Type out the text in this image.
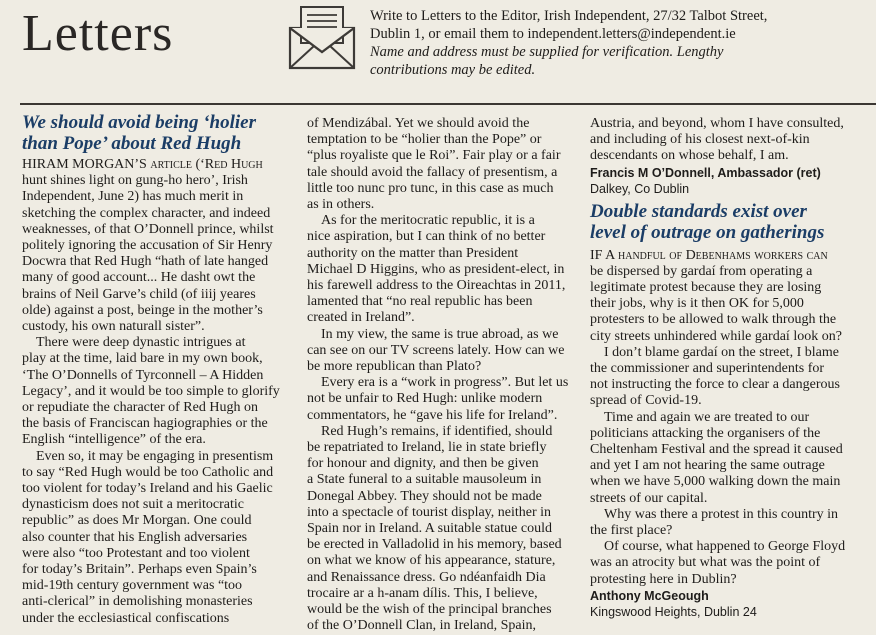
Letters	Write to Letters to the Editor, Irish Independent, 27/32 Talbot Street,
Dublin 1, or email them to independent.letters@independent.ie
Name and address must be supplied for verification. Lengthy
contributions may be edited.
We should avoid being ‘holier
than Pope’ about Red Hugh
HIRAM MORGAN’S article (‘Red Hugh
hunt shines light on gung-ho hero’, Irish
Independent, June 2) has much merit in
sketching the complex character, and indeed
weaknesses, of that O’Donnell prince, whilst
politely ignoring the accusation of Sir Henry
Docwra that Red Hugh “hath of late hanged
many of good account... He dasht owt the
brains of Neil Garve’s child (of iiij yeares
olde) against a post, beinge in the mother’s
custody, his own naturall sister”.
There were deep dynastic intrigues at
play at the time, laid bare in my own book,
‘The O’Donnells of Tyrconnell – A Hidden
Legacy’, and it would be too simple to glorify
or repudiate the character of Red Hugh on
the basis of Franciscan hagiographies or the
English “intelligence” of the era.
Even so, it may be engaging in presentism
to say “Red Hugh would be too Catholic and
too violent for today’s Ireland and his Gaelic
dynasticism does not suit a meritocratic
republic” as does Mr Morgan. One could
also counter that his English adversaries
were also “too Protestant and too violent
for today’s Britain”. Perhaps even Spain’s
mid-19th century government was “too
anti-clerical” in demolishing monasteries
under the ecclesiastical confiscations
of Mendizábal. Yet we should avoid the
temptation to be “holier than the Pope” or
“plus royaliste que le Roi”. Fair play or a fair
tale should avoid the fallacy of presentism, a
little too nunc pro tunc, in this case as much
as in others.
As for the meritocratic republic, it is a
nice aspiration, but I can think of no better
authority on the matter than President
Michael D Higgins, who as president-elect, in
his farewell address to the Oireachtas in 2011,
lamented that “no real republic has been
created in Ireland”.
In my view, the same is true abroad, as we
can see on our TV screens lately. How can we
be more republican than Plato?
Every era is a “work in progress”. But let us
not be unfair to Red Hugh: unlike modern
commentators, he “gave his life for Ireland”.
Red Hugh’s remains, if identified, should
be repatriated to Ireland, lie in state briefly
for honour and dignity, and then be given
a State funeral to a suitable mausoleum in
Donegal Abbey. They should not be made
into a spectacle of tourist display, neither in
Spain nor in Ireland. A suitable statue could
be erected in Valladolid in his memory, based
on what we know of his appearance, stature,
and Renaissance dress. Go ndéanfaidh Dia
trocaire ar a h-anam dílis. This, I believe,
would be the wish of the principal branches
of the O’Donnell Clan, in Ireland, Spain,
Austria, and beyond, whom I have consulted,
and including of his closest next-of-kin
descendants on whose behalf, I am.
Francis M O’Donnell, Ambassador (ret)
Dalkey, Co Dublin
Double standards exist over
level of outrage on gatherings
IF A handful of Debenhams workers can
be dispersed by gardaí from operating a
legitimate protest because they are losing
their jobs, why is it then OK for 5,000
protesters to be allowed to walk through the
city streets unhindered while gardaí look on?
I don’t blame gardaí on the street, I blame
the commissioner and superintendents for
not instructing the force to clear a dangerous
spread of Covid-19.
Time and again we are treated to our
politicians attacking the organisers of the
Cheltenham Festival and the spread it caused
and yet I am not hearing the same outrage
when we have 5,000 walking down the main
streets of our capital.
Why was there a protest in this country in
the first place?
Of course, what happened to George Floyd
was an atrocity but what was the point of
protesting here in Dublin?
Anthony McGeough
Kingswood Heights, Dublin 24
